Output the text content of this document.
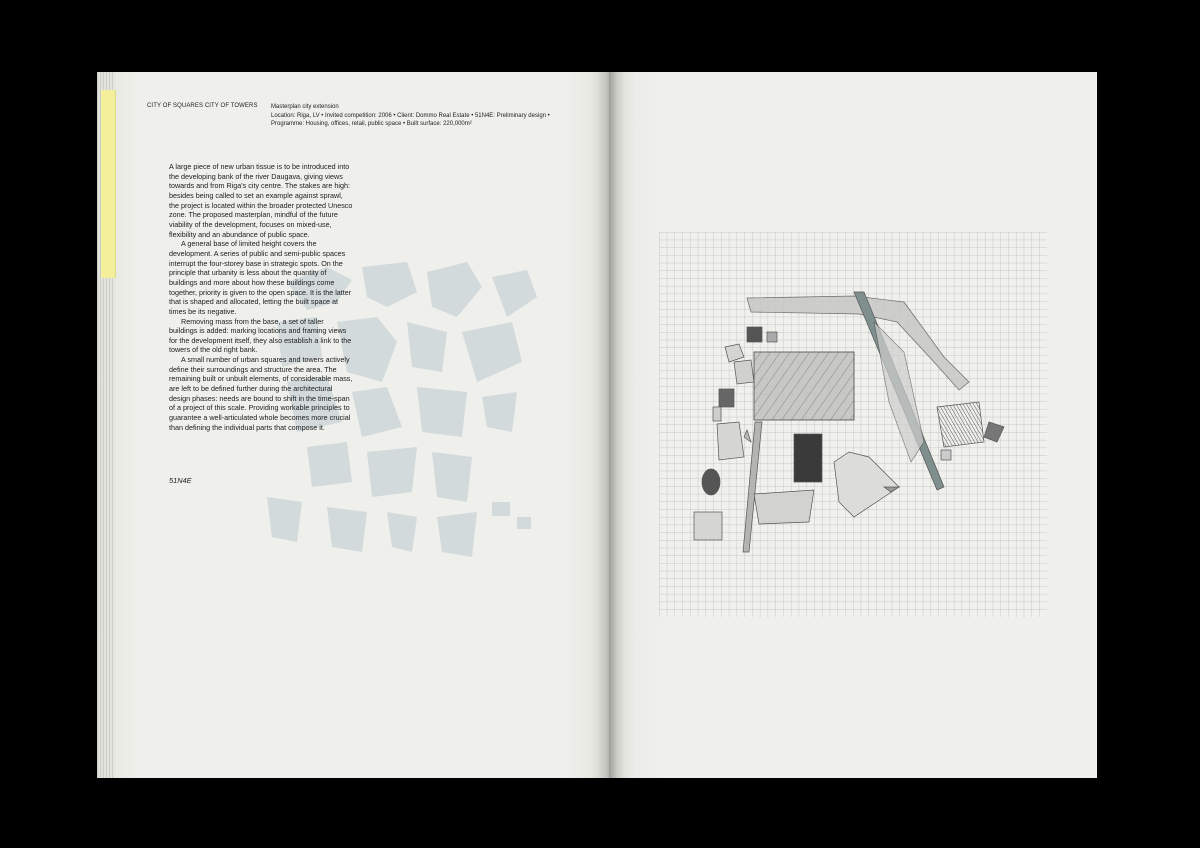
CITY OF SQUARES CITY OF TOWERS Masterplan city extension
Location: Riga, LV • Invited competition: 2006 • Client: Dommo Real Estate • 51N4E: Preliminary design •
Programme: Housing, offices, retail, public space • Built surface: 220,000m²

A large piece of new urban tissue is to be introduced into the developing bank of the river Daugava, giving views towards and from Riga's city centre. The stakes are high: besides being called to set an example against sprawl, the project is located within the broader protected Unesco zone. The proposed masterplan, mindful of the future viability of the development, focuses on mixed-use, flexibility and an abundance of public space.

A general base of limited height covers the development. A series of public and semi-public spaces interrupt the four-storey base in strategic spots. On the principle that urbanity is less about the quantity of buildings and more about how these buildings come together, priority is given to the open space. It is the latter that is shaped and allocated, letting the built space at times be its negative.

Removing mass from the base, a set of taller buildings is added: marking locations and framing views for the development itself, they also establish a link to the towers of the old right bank.

A small number of urban squares and towers actively define their surroundings and structure the area. The remaining built or unbuilt elements, of considerable mass, are left to be defined further during the architectural design phases: needs are bound to shift in the time-span of a project of this scale. Providing workable principles to guarantee a well-articulated whole becomes more crucial than defining the individual parts that compose it.

51N4E
